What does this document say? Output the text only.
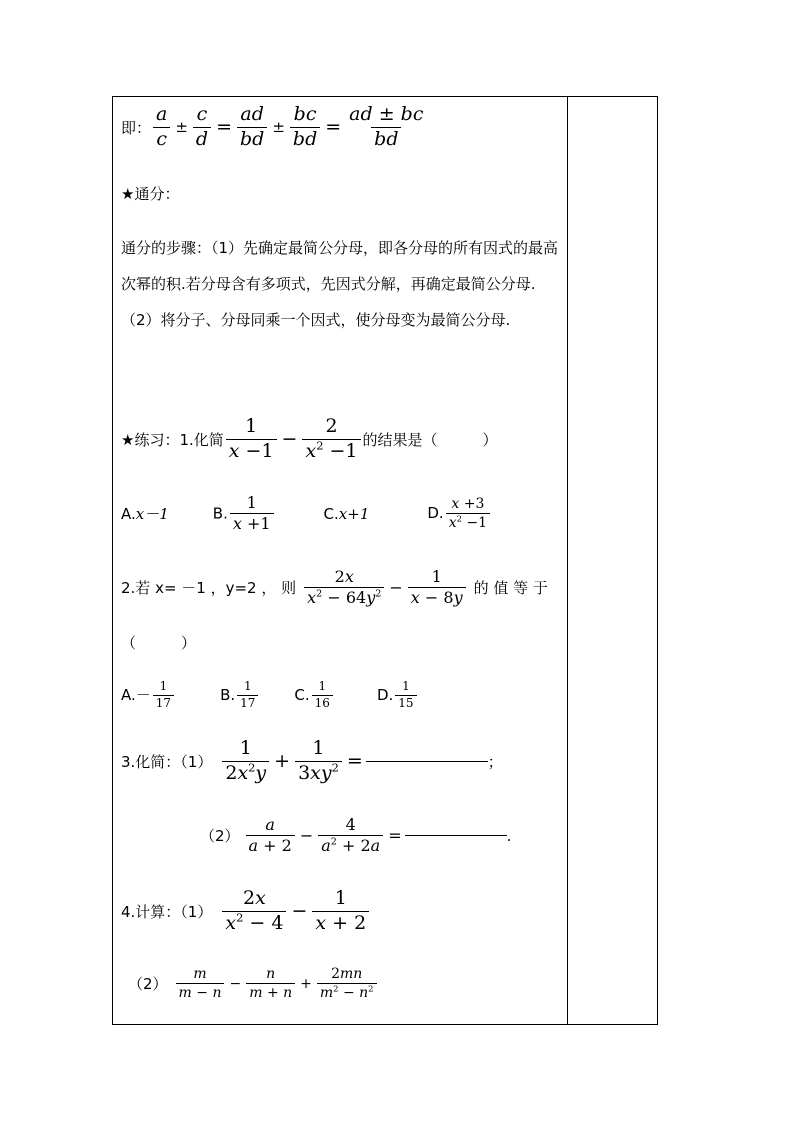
即： $\frac{a}{c} \pm \frac{c}{d} = \frac{ad}{bd} \pm \frac{bc}{bd} = \frac{ad \pm bc}{bd}$
★通分：
通分的步骤：（1）先确定最简公分母，即各分母的所有因式的最高次幂的积.若分母含有多项式，先因式分解，再确定最简公分母.（2）将分子、分母同乘一个因式，使分母变为最简公分母.
★练习：1.化简 $\frac{1}{x -1} - \frac{2}{x^2 -1}$ 的结果是（　　　）
A.x－1	B. $\frac{1}{x +1}$	C.x+1	D. $\frac{x +3}{x^2 -1}$
2.若 x= －1 ，y=2 ， 则 $\frac{2x}{x^2 - 64y^2} - \frac{1}{x - 8y}$ 的 值 等 于
（　　　）
$A.- \frac{1}{17}$	B. $\frac{1}{17} C$. $\frac{1}{16}$	D. $\frac{1}{15}$
3.化简：$(1) \frac{1}{2x^2y} + \frac{1}{3xy^2}$ =	；
$(2) \frac{a}{a + 2} - \frac{4}{a^2 + 2a}$ =	.
4.计算：$(1) \frac{2x}{x^2 - 4} - \frac{1}{x + 2}$
$(2) \frac{m}{m - n} - \frac{n}{m + n} + \frac{2mn}{m^2 - n^2}$
